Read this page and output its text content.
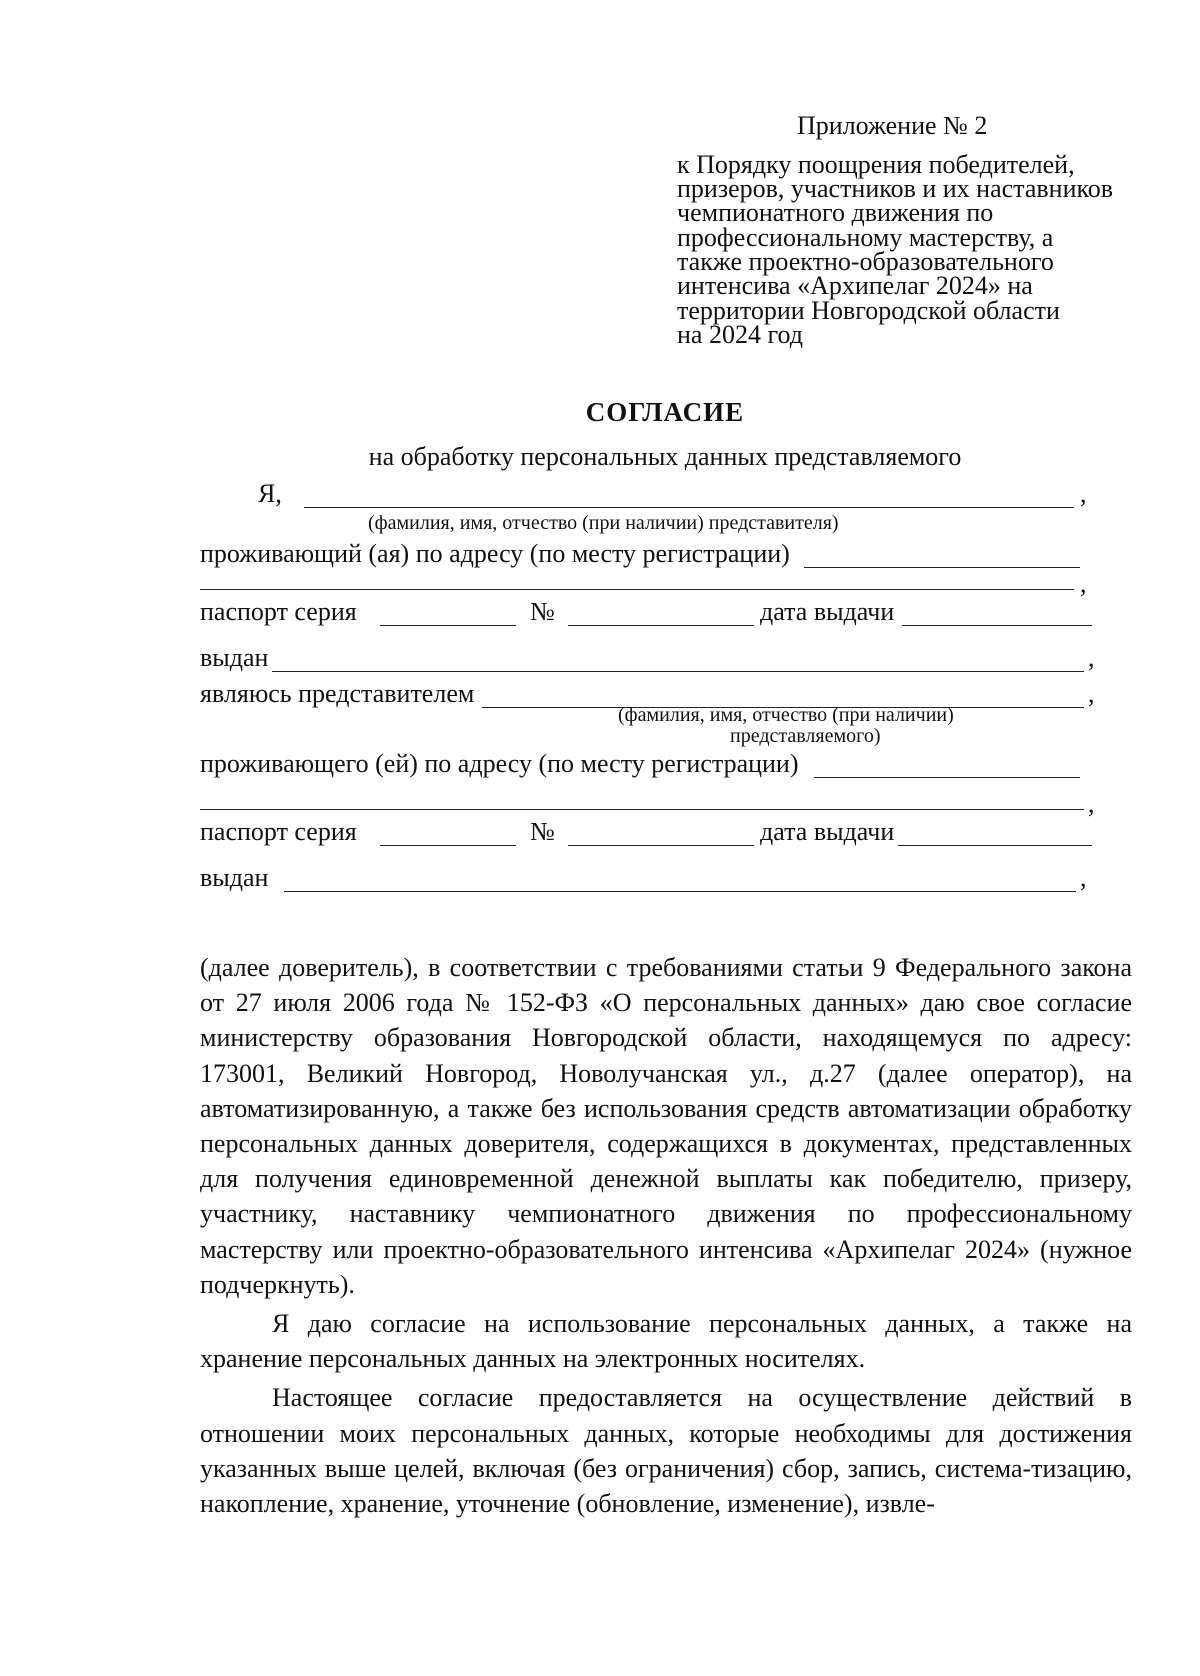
Приложение № 2
к Порядку поощрения победителей,
призеров, участников и их наставников
чемпионатного движения по
профессиональному мастерству, а
также проектно-образовательного
интенсива «Архипелаг 2024» на
территории Новгородской области
на 2024 год
СОГЛАСИЕ
на обработку персональных данных представляемого
Я,	,
(фамилия, имя, отчество (при наличии) представителя)
проживающий (ая) по адресу (по месту регистрации)
,
паспорт серия	№	дата выдачи
выдан	,
являюсь представителем	,
(фамилия, имя, отчество (при наличии)
представляемого)
проживающего (ей) по адресу (по месту регистрации)
,
паспорт серия	№	дата выдачи
выдан	,

(далее доверитель), в соответствии с требованиями статьи 9 Федерального закона от 27 июля 2006 года № 152-ФЗ «О персональных данных» даю свое согласие министерству образования Новгородской области, находящемуся по адресу: 173001, Великий Новгород, Новолучанская ул., д.27 (далее оператор), на автоматизированную, а также без использования средств автоматизации обработку персональных данных доверителя, содержащихся в документах, представленных для получения единовременной денежной выплаты как победителю, призеру, участнику, наставнику чемпионатного движения по профессиональному мастерству или проектно-образовательного интенсива «Архипелаг 2024» (нужное подчеркнуть).

Я даю согласие на использование персональных данных, а также на хранение персональных данных на электронных носителях.

Настоящее согласие предоставляется на осуществление действий в отношении моих персональных данных, которые необходимы для достижения указанных выше целей, включая (без ограничения) сбор, запись, система-тизацию, накопление, хранение, уточнение (обновление, изменение), извле-
